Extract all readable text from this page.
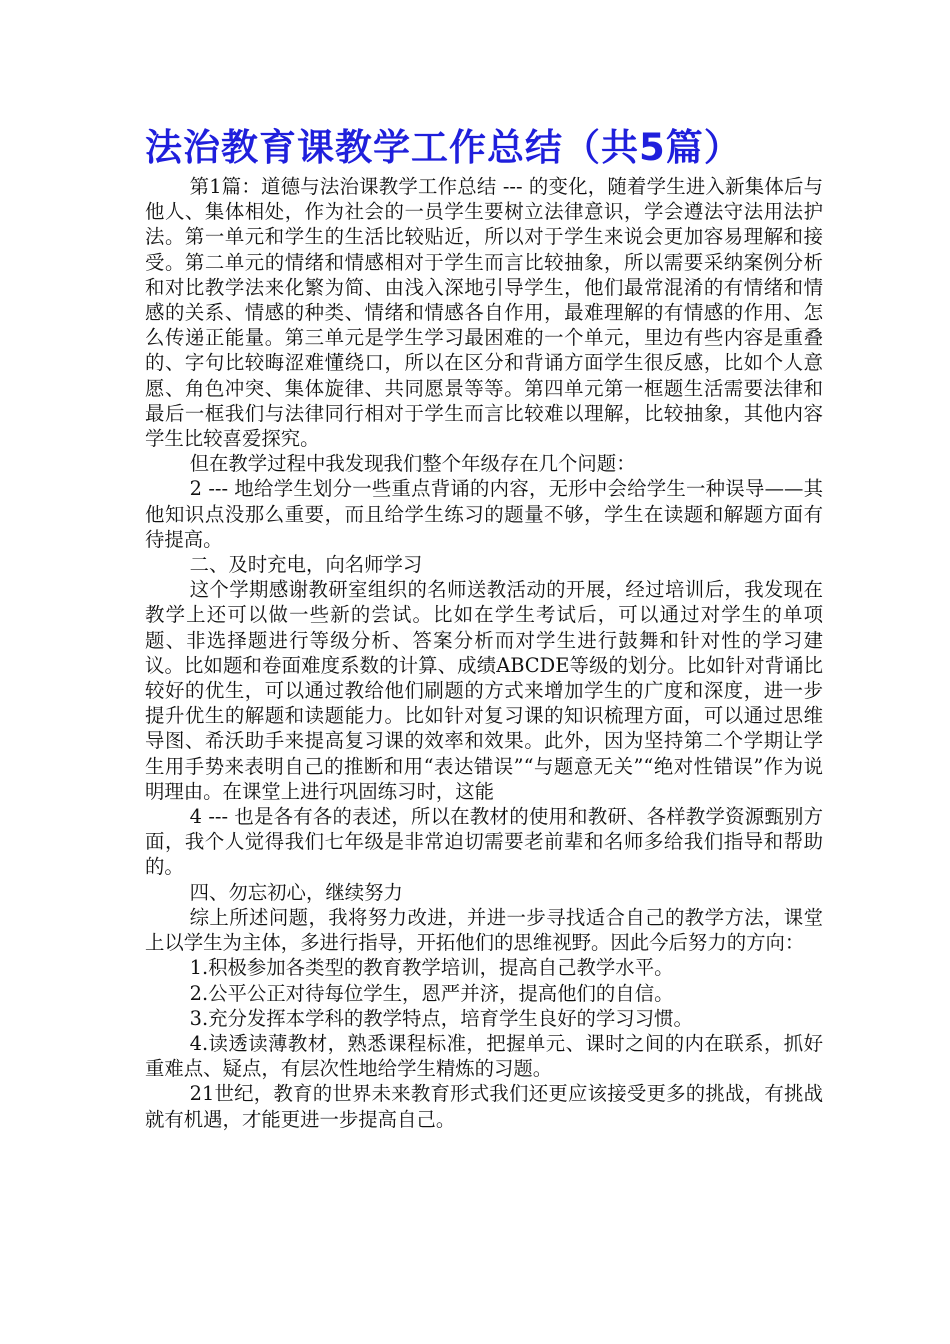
法治教育课教学工作总结（共5篇）

第1篇：道德与法治课教学工作总结 --- 的变化，随着学生进入新集体后与他人、集体相处，作为社会的一员学生要树立法律意识，学会遵法守法用法护法。第一单元和学生的生活比较贴近，所以对于学生来说会更加容易理解和接受。第二单元的情绪和情感相对于学生而言比较抽象，所以需要采纳案例分析和对比教学法来化繁为简、由浅入深地引导学生，他们最常混淆的有情绪和情感的关系、情感的种类、情绪和情感各自作用，最难理解的有情感的作用、怎么传递正能量。第三单元是学生学习最困难的一个单元，里边有些内容是重叠的、字句比较晦涩难懂绕口，所以在区分和背诵方面学生很反感，比如个人意愿、角色冲突、集体旋律、共同愿景等等。第四单元第一框题生活需要法律和最后一框我们与法律同行相对于学生而言比较难以理解，比较抽象，其他内容学生比较喜爱探究。

但在教学过程中我发现我们整个年级存在几个问题：

2 --- 地给学生划分一些重点背诵的内容，无形中会给学生一种误导——其他知识点没那么重要，而且给学生练习的题量不够，学生在读题和解题方面有待提高。

二、及时充电，向名师学习

这个学期感谢教研室组织的名师送教活动的开展，经过培训后，我发现在教学上还可以做一些新的尝试。比如在学生考试后，可以通过对学生的单项题、非选择题进行等级分析、答案分析而对学生进行鼓舞和针对性的学习建议。比如题和卷面难度系数的计算、成绩ABCDE等级的划分。比如针对背诵比较好的优生，可以通过教给他们刷题的方式来增加学生的广度和深度，进一步提升优生的解题和读题能力。比如针对复习课的知识梳理方面，可以通过思维导图、希沃助手来提高复习课的效率和效果。此外，因为坚持第二个学期让学生用手势来表明自己的推断和用“表达错误”“与题意无关”“绝对性错误”作为说明理由。在课堂上进行巩固练习时，这能

4 --- 也是各有各的表述，所以在教材的使用和教研、各样教学资源甄别方面，我个人觉得我们七年级是非常迫切需要老前辈和名师多给我们指导和帮助的。

四、勿忘初心，继续努力

综上所述问题，我将努力改进，并进一步寻找适合自己的教学方法，课堂上以学生为主体，多进行指导，开拓他们的思维视野。因此今后努力的方向：

1.积极参加各类型的教育教学培训，提高自己教学水平。

2.公平公正对待每位学生，恩严并济，提高他们的自信。

3.充分发挥本学科的教学特点，培育学生良好的学习习惯。

4.读透读薄教材，熟悉课程标准，把握单元、课时之间的内在联系，抓好重难点、疑点，有层次性地给学生精炼的习题。

21世纪，教育的世界未来教育形式我们还更应该接受更多的挑战，有挑战就有机遇，才能更进一步提高自己。
